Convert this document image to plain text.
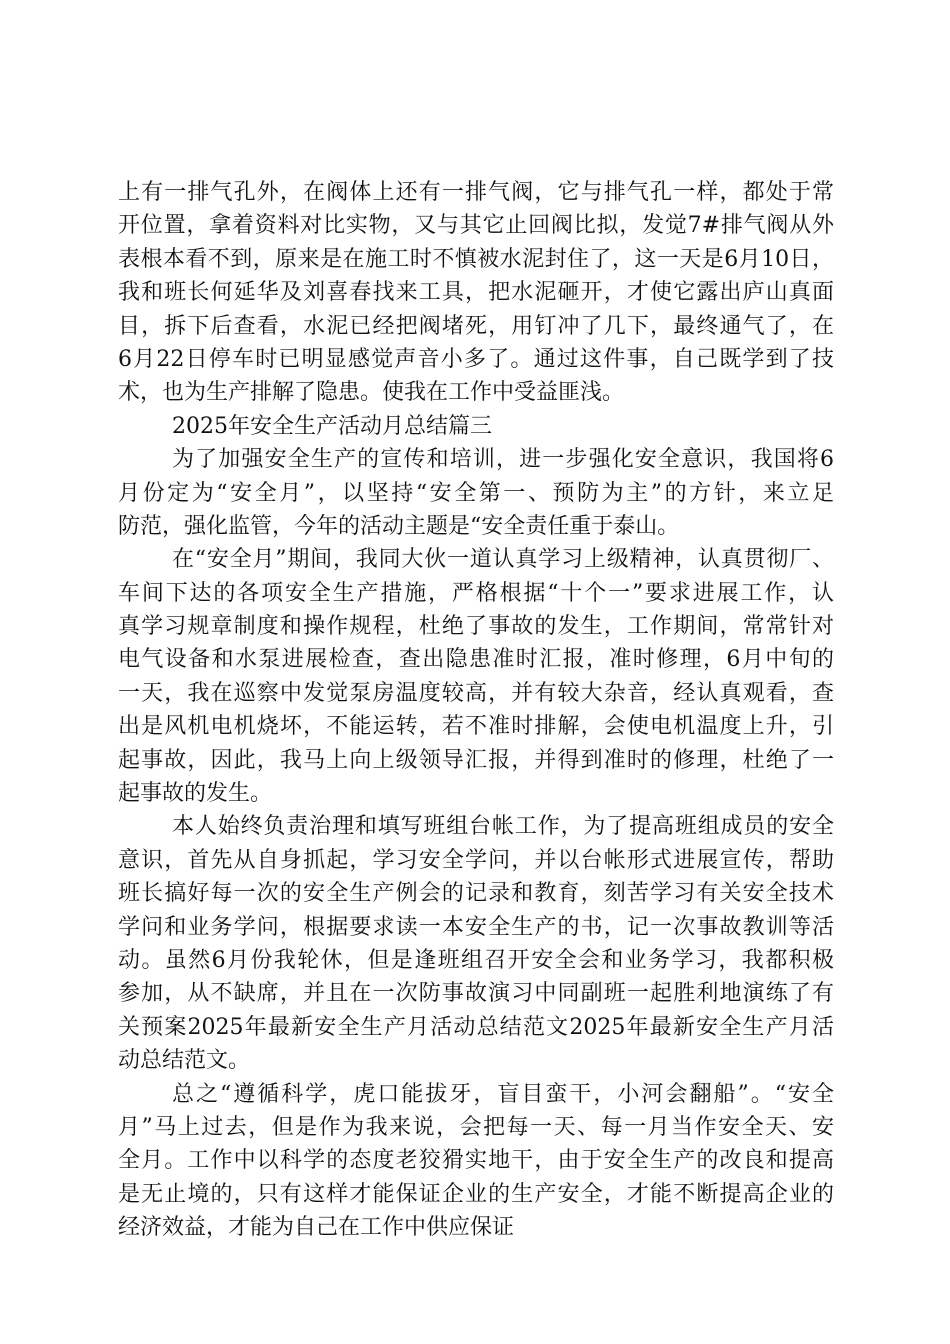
上有一排气孔外，在阀体上还有一排气阀，它与排气孔一样，都处于常
开位置，拿着资料对比实物，又与其它止回阀比拟，发觉7#排气阀从外
表根本看不到，原来是在施工时不慎被水泥封住了，这一天是6月10日，
我和班长何延华及刘喜春找来工具，把水泥砸开，才使它露出庐山真面
目，拆下后查看，水泥已经把阀堵死，用钉冲了几下，最终通气了，在
6月22日停车时已明显感觉声音小多了。通过这件事，自己既学到了技
术，也为生产排解了隐患。使我在工作中受益匪浅。
2025年安全生产活动月总结篇三
为了加强安全生产的宣传和培训，进一步强化安全意识，我国将6
月份定为“安全月”，以坚持“安全第一、预防为主”的方针，来立足
防范，强化监管，今年的活动主题是“安全责任重于泰山。
在“安全月”期间，我同大伙一道认真学习上级精神，认真贯彻厂、
车间下达的各项安全生产措施，严格根据“十个一”要求进展工作，认
真学习规章制度和操作规程，杜绝了事故的发生，工作期间，常常针对
电气设备和水泵进展检查，查出隐患准时汇报，准时修理，6月中旬的
一天，我在巡察中发觉泵房温度较高，并有较大杂音，经认真观看，查
出是风机电机烧坏，不能运转，若不准时排解，会使电机温度上升，引
起事故，因此，我马上向上级领导汇报，并得到准时的修理，杜绝了一
起事故的发生。
本人始终负责治理和填写班组台帐工作，为了提高班组成员的安全
意识，首先从自身抓起，学习安全学问，并以台帐形式进展宣传，帮助
班长搞好每一次的安全生产例会的记录和教育，刻苦学习有关安全技术
学问和业务学问，根据要求读一本安全生产的书，记一次事故教训等活
动。虽然6月份我轮休，但是逢班组召开安全会和业务学习，我都积极
参加，从不缺席，并且在一次防事故演习中同副班一起胜利地演练了有
关预案2025年最新安全生产月活动总结范文2025年最新安全生产月活
动总结范文。
总之“遵循科学，虎口能拔牙，盲目蛮干，小河会翻船”。“安全
月”马上过去，但是作为我来说，会把每一天、每一月当作安全天、安
全月。工作中以科学的态度老狡猾实地干，由于安全生产的改良和提高
是无止境的，只有这样才能保证企业的生产安全，才能不断提高企业的
经济效益，才能为自己在工作中供应保证
